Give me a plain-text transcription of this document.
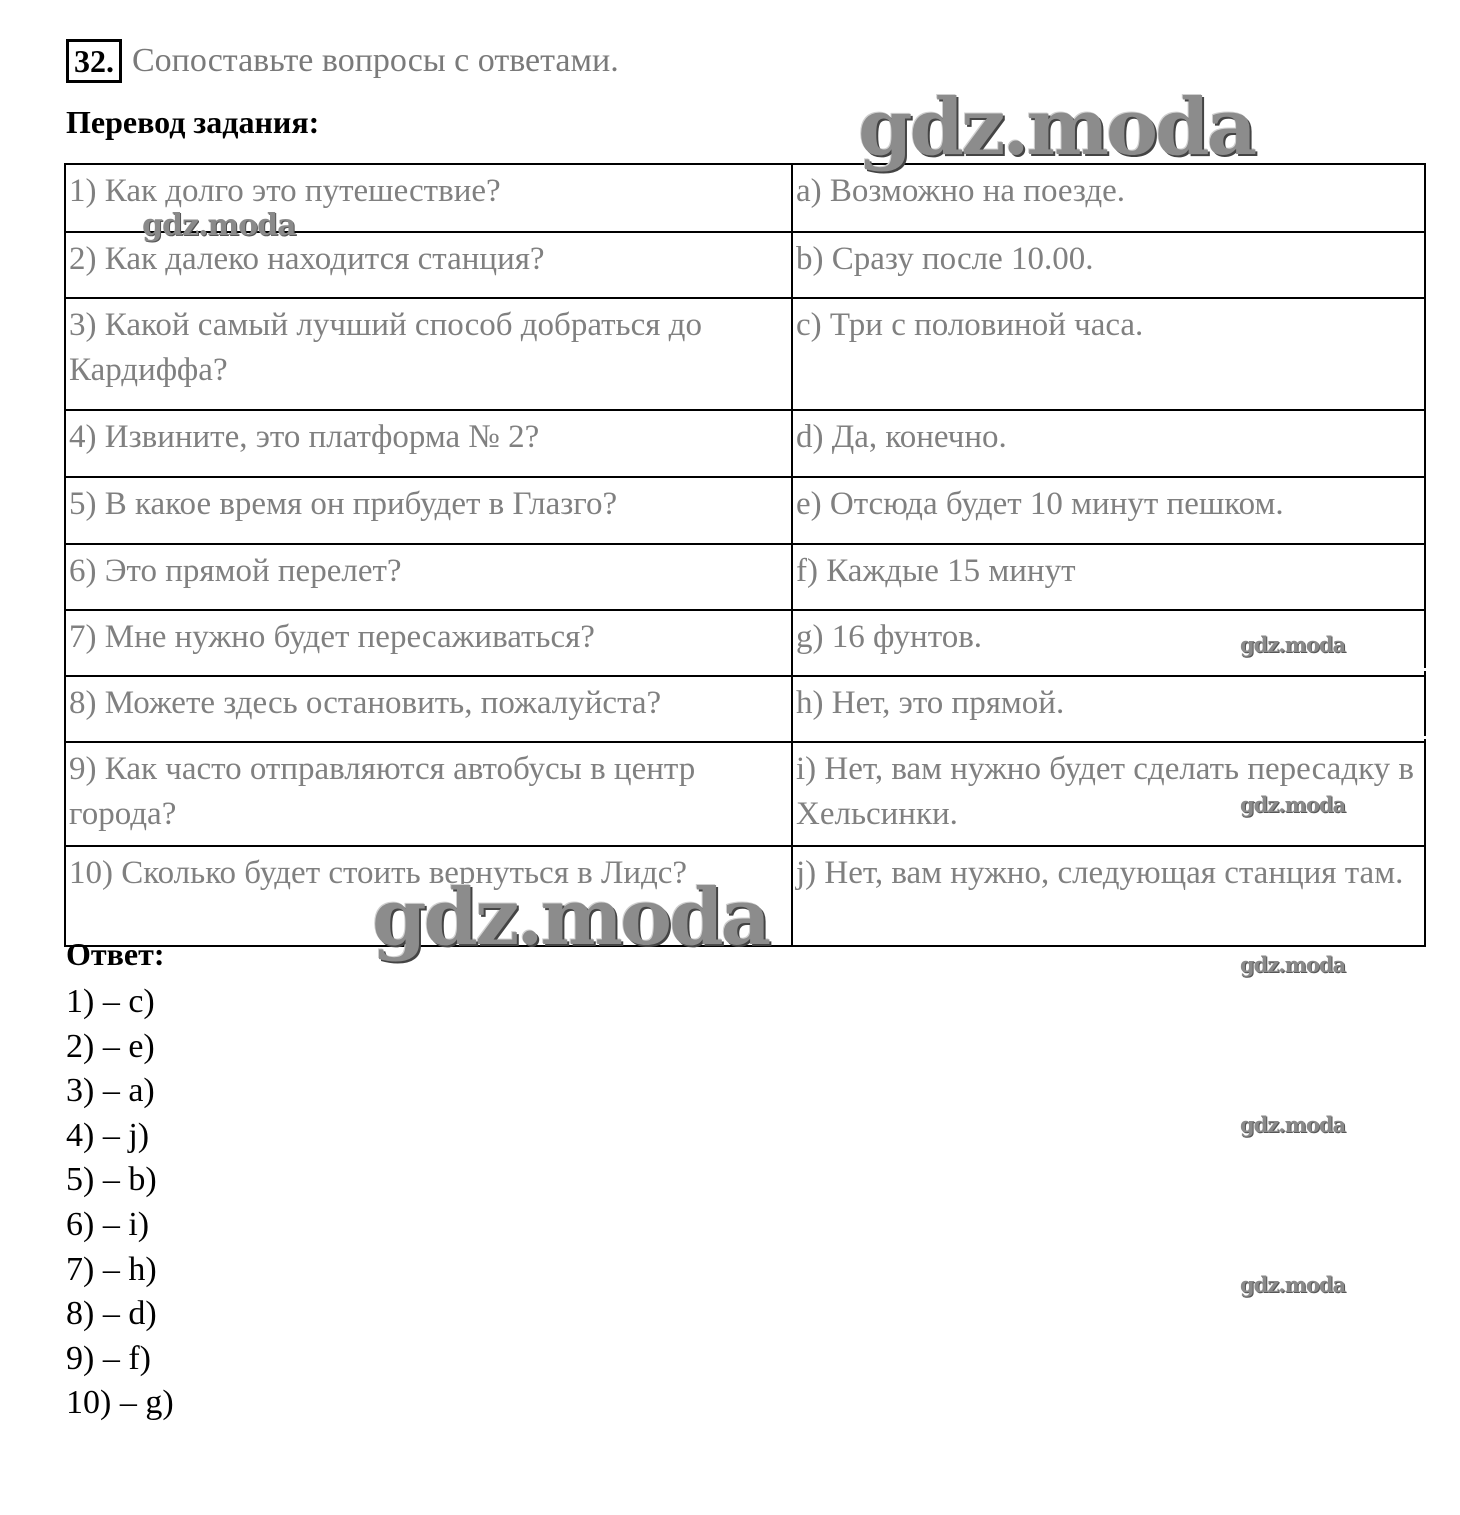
32. Сопоставьте вопросы с ответами.
Перевод задания:
1) Как долго это путешествие?	a) Возможно на поезде.
2) Как далеко находится станция?	b) Сразу после 10.00.
3) Какой самый лучший способ добраться до Кардиффа?	c) Три с половиной часа.
4) Извините, это платформа № 2?	d) Да, конечно.
5) В какое время он прибудет в Глазго?	e) Отсюда будет 10 минут пешком.
6) Это прямой перелет?	f) Каждые 15 минут
7) Мне нужно будет пересаживаться?	g) 16 фунтов.
8) Можете здесь остановить, пожалуйста?	h) Нет, это прямой.
9) Как часто отправляются автобусы в центр города?	i) Нет, вам нужно будет сделать пересадку в Хельсинки.
10) Сколько будет стоить вернуться в Лидс?	j) Нет, вам нужно, следующая станция там.
Ответ:
1) – c)
2) – e)
3) – a)
4) – j)
5) – b)
6) – i)
7) – h)
8) – d)
9) – f)
10) – g)
gdz.moda
gdz.moda
gdz.moda
gdz.moda
gdz.moda
gdz.moda
gdz.moda
gdz.moda
